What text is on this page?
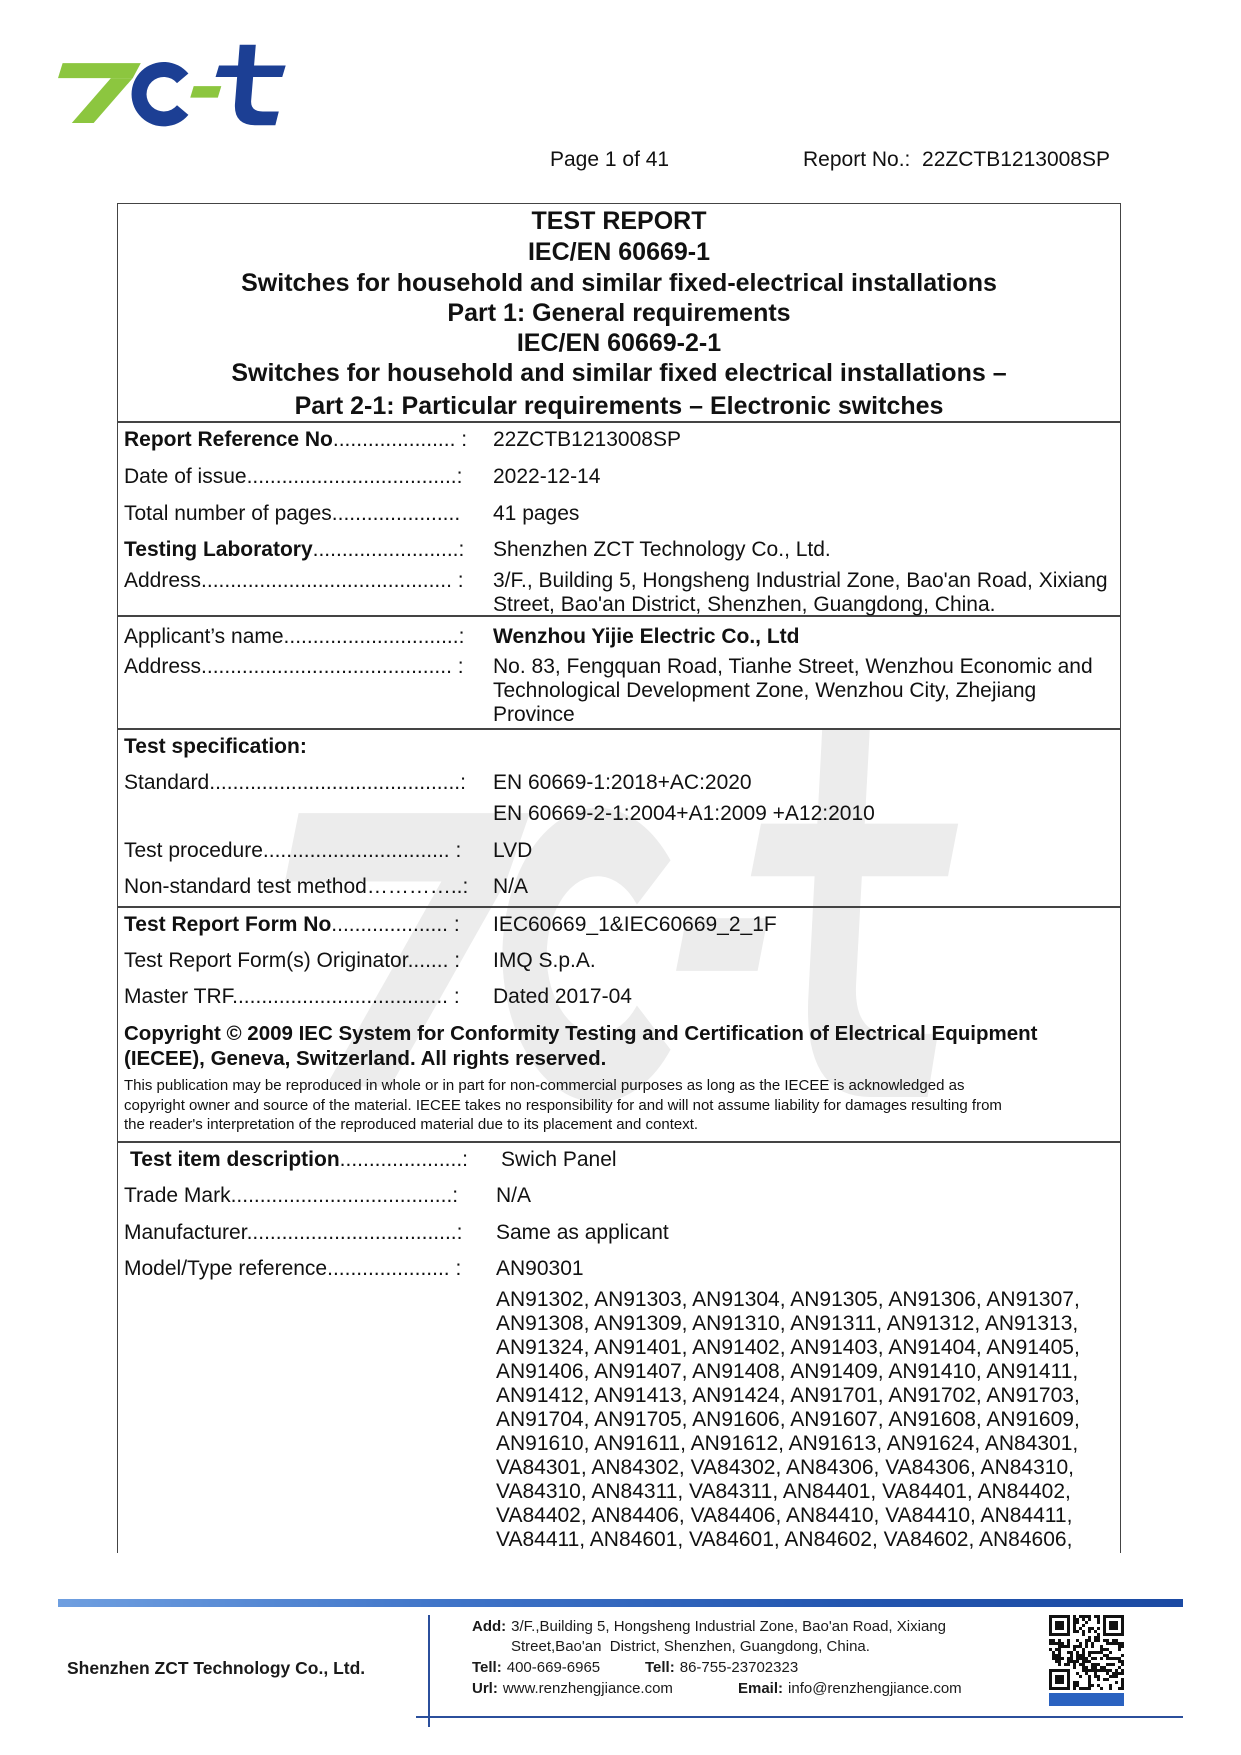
Page 1 of 41	Report No.:  22ZCTB1213008SP
TEST REPORT
IEC/EN 60669-1
Switches for household and similar fixed-electrical installations
Part 1: General requirements
IEC/EN 60669-2-1
Switches for household and similar fixed electrical installations –
Part 2-1: Particular requirements – Electronic switches
Report Reference No..................... : 22ZCTB1213008SP
Date of issue....................................: 2022-12-14
Total number of pages...................... 41 pages
Testing Laboratory.........................: Shenzhen ZCT Technology Co., Ltd.
Address........................................... : 3/F., Building 5, Hongsheng Industrial Zone, Bao'an Road, Xixiang
Street, Bao'an District, Shenzhen, Guangdong, China.
Applicant’s name..............................: Wenzhou Yijie Electric Co., Ltd
Address........................................... : No. 83, Fengquan Road, Tianhe Street, Wenzhou Economic and
Technological Development Zone, Wenzhou City, Zhejiang
Province
Test specification:
Standard...........................................: EN 60669-1:2018+AC:2020
EN 60669-2-1:2004+A1:2009 +A12:2010
Test procedure................................ : LVD
Non-standard test method…………..: N/A
Test Report Form No.................... : IEC60669_1&IEC60669_2_1F
Test Report Form(s) Originator....... : IMQ S.p.A.
Master TRF..................................... : Dated 2017-04
Copyright © 2009 IEC System for Conformity Testing and Certification of Electrical Equipment
(IECEE), Geneva, Switzerland. All rights reserved.
This publication may be reproduced in whole or in part for non-commercial purposes as long as the IECEE is acknowledged as
copyright owner and source of the material. IECEE takes no responsibility for and will not assume liability for damages resulting from
the reader's interpretation of the reproduced material due to its placement and context.
Test item description.....................: Swich Panel
Trade Mark......................................: N/A
Manufacturer....................................: Same as applicant
Model/Type reference..................... : AN90301
AN91302, AN91303, AN91304, AN91305, AN91306, AN91307,
AN91308, AN91309, AN91310, AN91311, AN91312, AN91313,
AN91324, AN91401, AN91402, AN91403, AN91404, AN91405,
AN91406, AN91407, AN91408, AN91409, AN91410, AN91411,
AN91412, AN91413, AN91424, AN91701, AN91702, AN91703,
AN91704, AN91705, AN91606, AN91607, AN91608, AN91609,
AN91610, AN91611, AN91612, AN91613, AN91624, AN84301,
VA84301, AN84302, VA84302, AN84306, VA84306, AN84310,
VA84310, AN84311, VA84311, AN84401, VA84401, AN84402,
VA84402, AN84406, VA84406, AN84410, VA84410, AN84411,
VA84411, AN84601, VA84601, AN84602, VA84602, AN84606,
Shenzhen ZCT Technology Co., Ltd.
Add: 3/F.,Building 5, Hongsheng Industrial Zone, Bao'an Road, Xixiang
Street,Bao'an  District, Shenzhen, Guangdong, China.
Tell: 400-669-6965	Tell: 86-755-23702323
Url: www.renzhengjiance.com	Email: info@renzhengjiance.com
